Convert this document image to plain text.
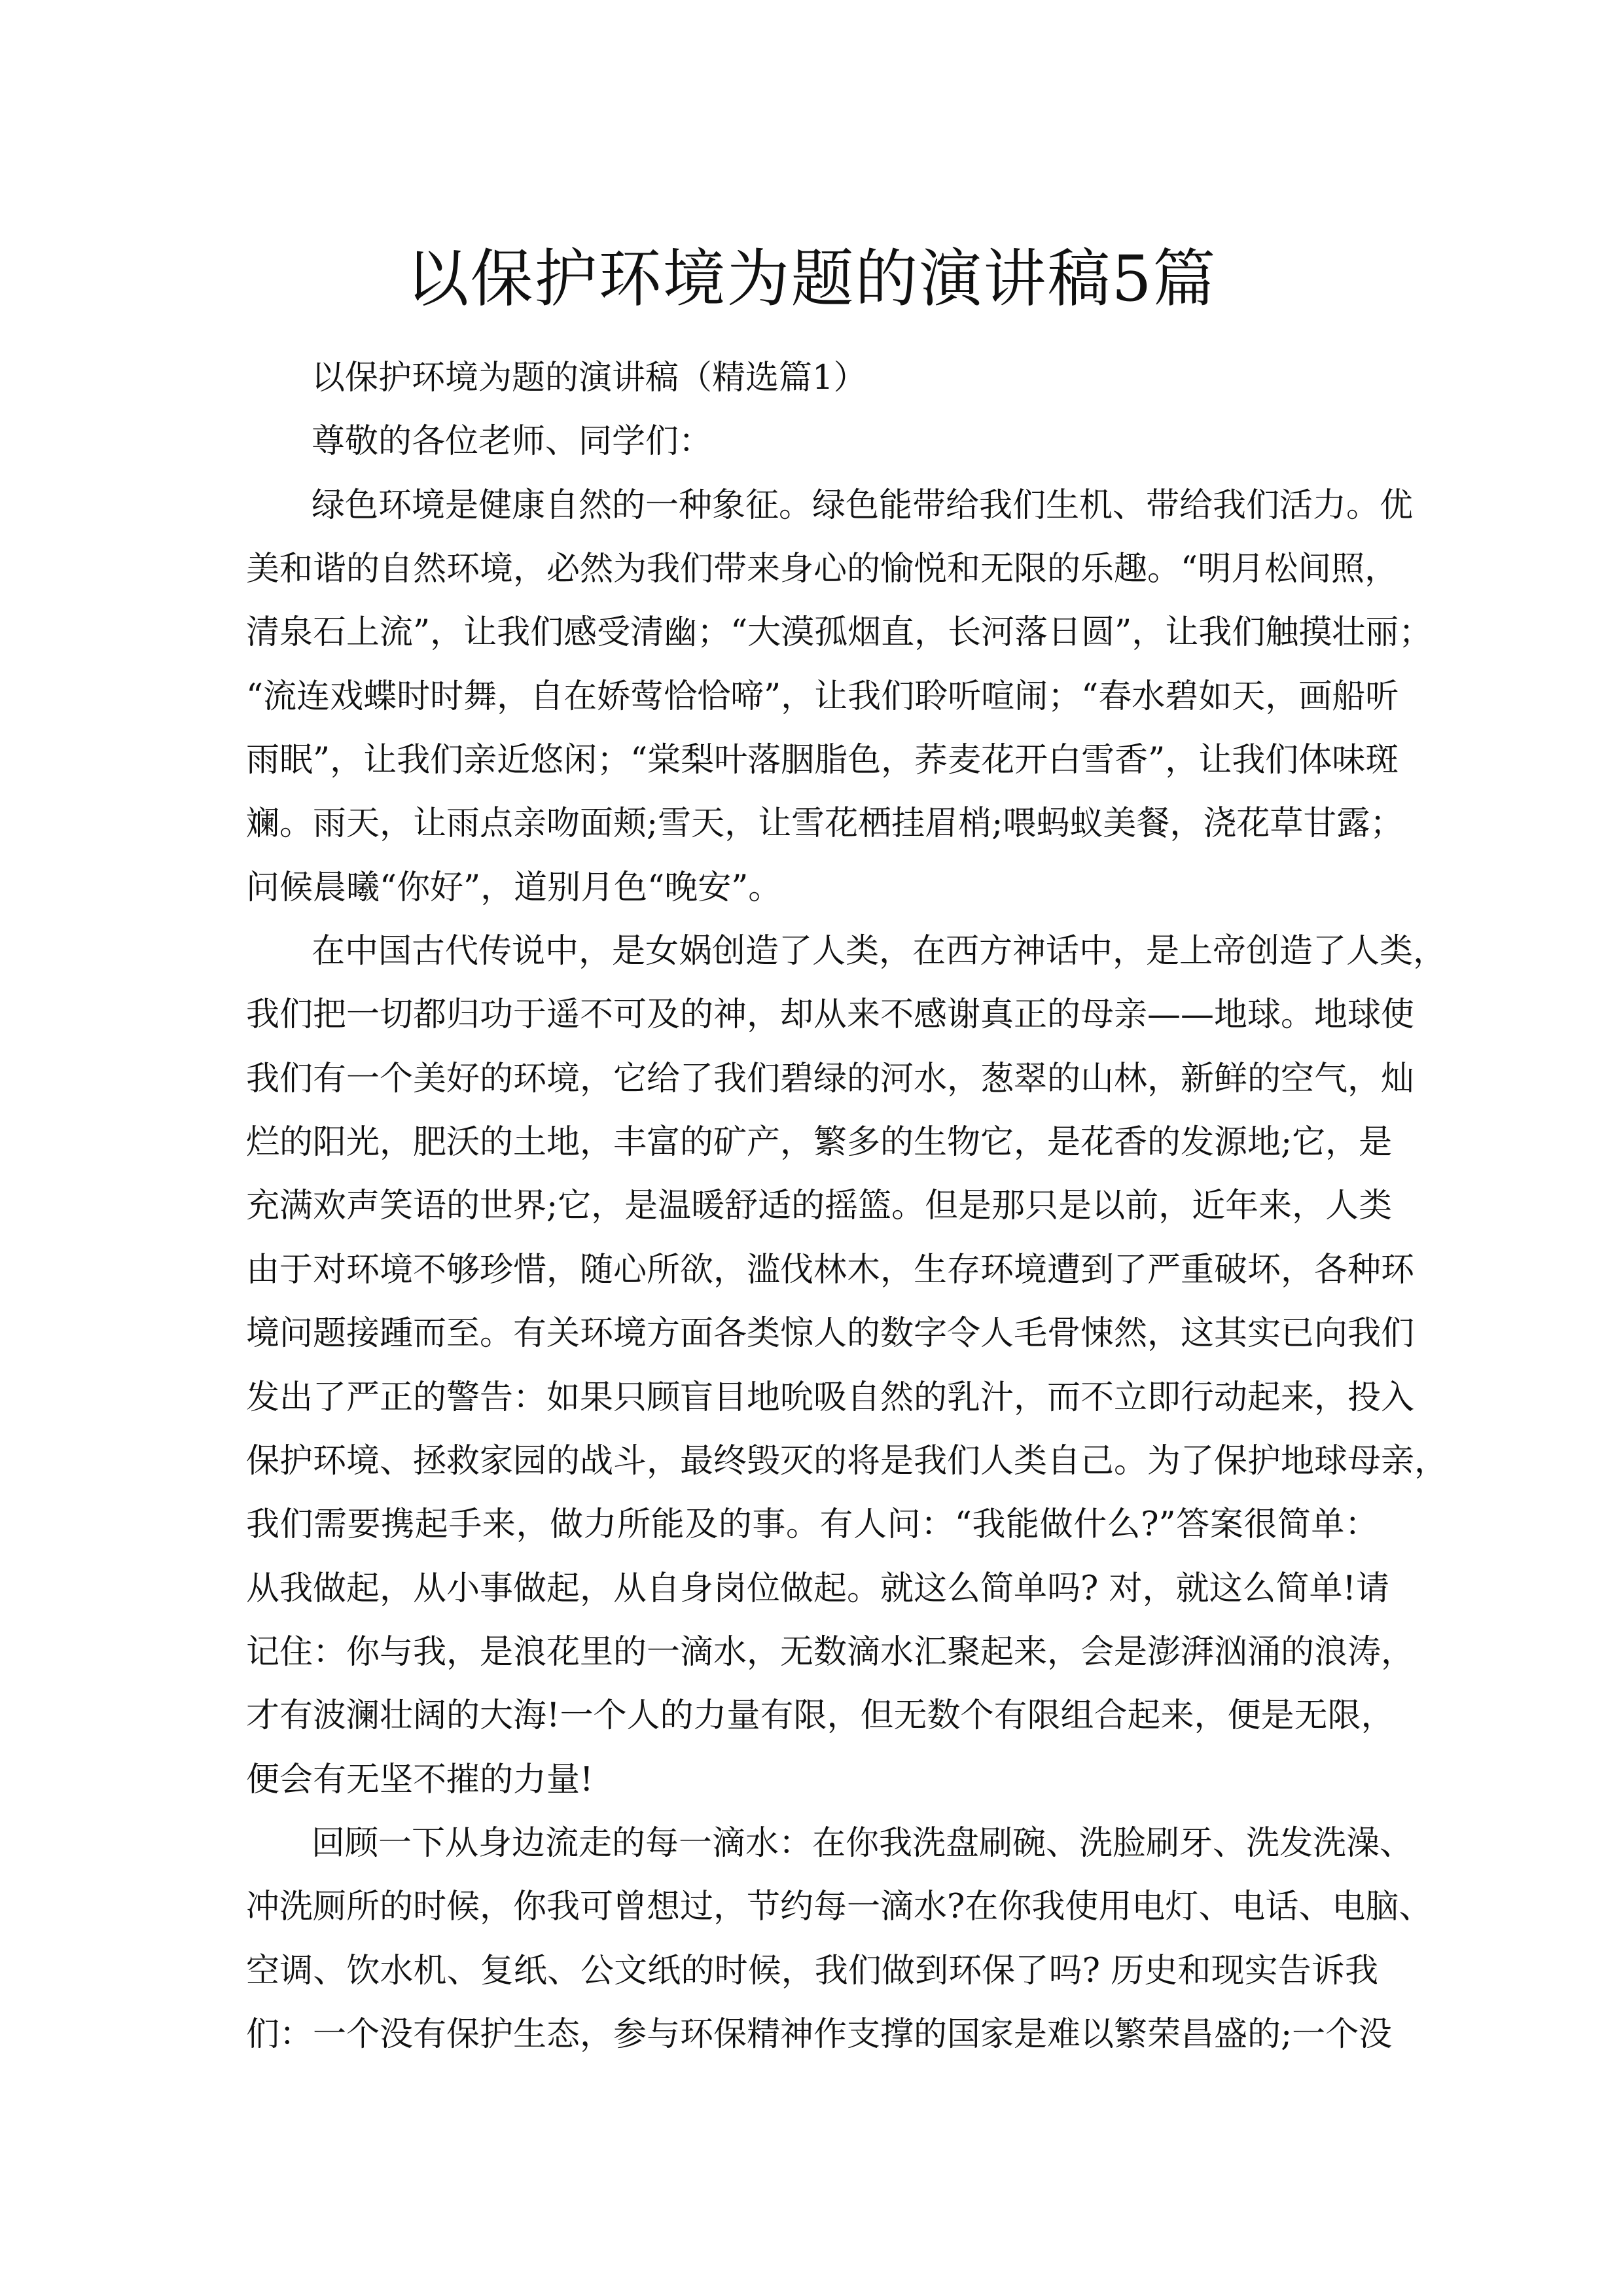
以保护环境为题的演讲稿5篇
以保护环境为题的演讲稿（精选篇1）
尊敬的各位老师、同学们：
绿色环境是健康自然的一种象征。绿色能带给我们生机、带给我们活力。优
美和谐的自然环境，必然为我们带来身心的愉悦和无限的乐趣。“明月松间照，
清泉石上流”，让我们感受清幽；“大漠孤烟直，长河落日圆”，让我们触摸壮丽；
“流连戏蝶时时舞，自在娇莺恰恰啼”，让我们聆听喧闹；“春水碧如天，画船听
雨眠”，让我们亲近悠闲；“棠梨叶落胭脂色，荞麦花开白雪香”，让我们体味斑
斓。雨天，让雨点亲吻面颊;雪天，让雪花栖挂眉梢;喂蚂蚁美餐，浇花草甘露；
问候晨曦“你好”，道别月色“晚安”。
在中国古代传说中，是女娲创造了人类，在西方神话中，是上帝创造了人类，
我们把一切都归功于遥不可及的神，却从来不感谢真正的母亲——地球。地球使
我们有一个美好的环境，它给了我们碧绿的河水，葱翠的山林，新鲜的空气，灿
烂的阳光，肥沃的土地，丰富的矿产，繁多的生物它，是花香的发源地;它，是
充满欢声笑语的世界;它，是温暖舒适的摇篮。但是那只是以前，近年来，人类
由于对环境不够珍惜，随心所欲，滥伐林木，生存环境遭到了严重破坏，各种环
境问题接踵而至。有关环境方面各类惊人的数字令人毛骨悚然，这其实已向我们
发出了严正的警告：如果只顾盲目地吮吸自然的乳汁，而不立即行动起来，投入
保护环境、拯救家园的战斗，最终毁灭的将是我们人类自己。为了保护地球母亲，
我们需要携起手来，做力所能及的事。有人问：“我能做什么?”答案很简单：
从我做起，从小事做起，从自身岗位做起。就这么简单吗? 对，就这么简单!请
记住：你与我，是浪花里的一滴水，无数滴水汇聚起来，会是澎湃汹涌的浪涛，
才有波澜壮阔的大海!一个人的力量有限，但无数个有限组合起来，便是无限，
便会有无坚不摧的力量!
回顾一下从身边流走的每一滴水：在你我洗盘刷碗、洗脸刷牙、洗发洗澡、
冲洗厕所的时候，你我可曾想过，节约每一滴水?在你我使用电灯、电话、电脑、
空调、饮水机、复纸、公文纸的时候，我们做到环保了吗? 历史和现实告诉我
们：一个没有保护生态，参与环保精神作支撑的国家是难以繁荣昌盛的;一个没
